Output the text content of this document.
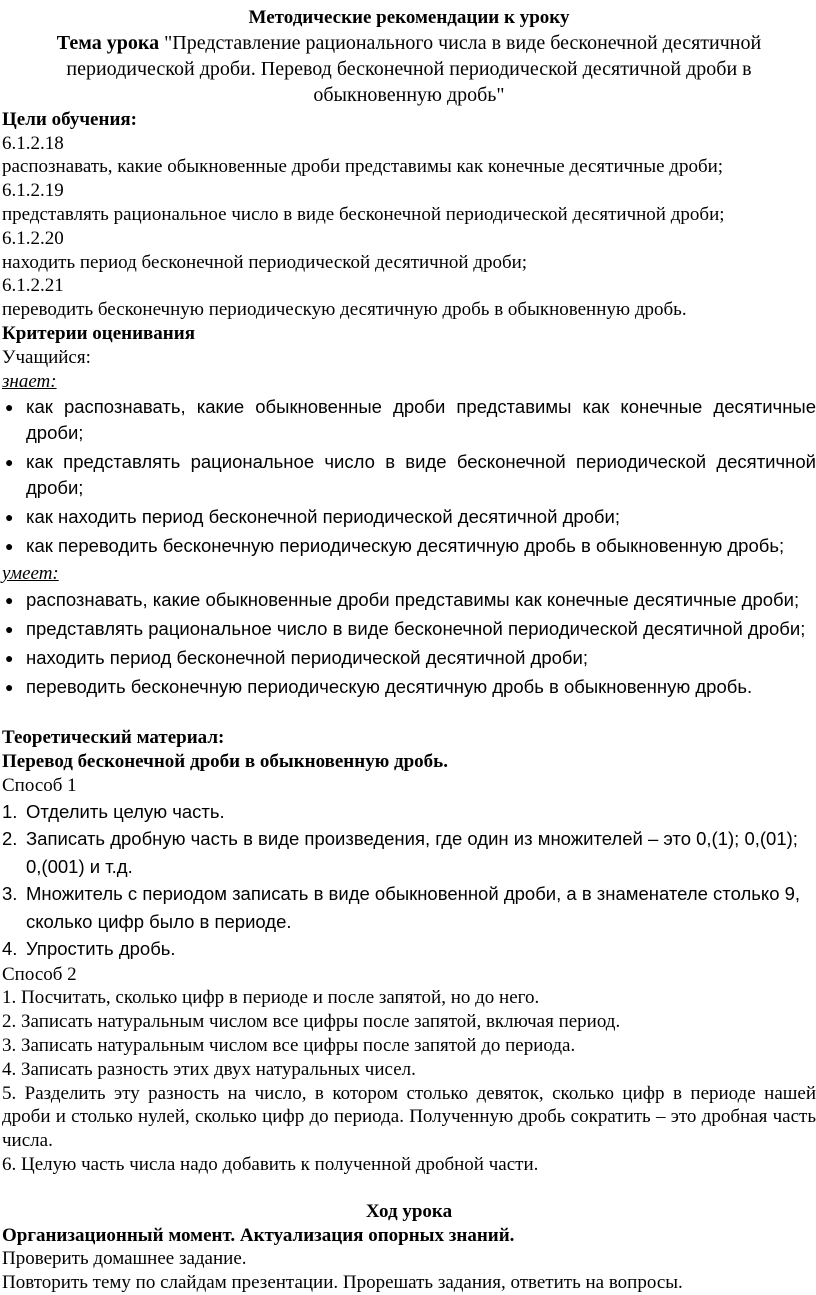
Методические рекомендации к уроку
Тема урока "Представление рационального числа в виде бесконечной десятичной периодической дроби. Перевод бесконечной периодической десятичной дроби в обыкновенную дробь"
Цели обучения:
6.1.2.18
распознавать, какие обыкновенные дроби представимы как конечные десятичные дроби;
6.1.2.19
представлять рациональное число в виде бесконечной периодической десятичной дроби;
6.1.2.20
находить период бесконечной периодической десятичной дроби;
6.1.2.21
переводить бесконечную периодическую десятичную дробь в обыкновенную дробь.
Критерии оценивания
Учащийся:
знает:
● как распознавать, какие обыкновенные дроби представимы как конечные десятичные дроби;
● как представлять рациональное число в виде бесконечной периодической десятичной дроби;
● как находить период бесконечной периодической десятичной дроби;
● как переводить бесконечную периодическую десятичную дробь в обыкновенную дробь;
умеет:
● распознавать, какие обыкновенные дроби представимы как конечные десятичные дроби;
● представлять рациональное число в виде бесконечной периодической десятичной дроби;
● находить период бесконечной периодической десятичной дроби;
● переводить бесконечную периодическую десятичную дробь в обыкновенную дробь.
Теоретический материал:
Перевод бесконечной дроби в обыкновенную дробь.
Способ 1
1. Отделить целую часть.
2. Записать дробную часть в виде произведения, где один из множителей – это 0,(1); 0,(01); 0,(001) и т.д.
3. Множитель с периодом записать в виде обыкновенной дроби, а в знаменателе столько 9, сколько цифр было в периоде.
4. Упростить дробь.
Способ 2
1. Посчитать, сколько цифр в периоде и после запятой, но до него.
2. Записать натуральным числом все цифры после запятой, включая период.
3. Записать натуральным числом все цифры после запятой до периода.
4. Записать разность этих двух натуральных чисел.
5. Разделить эту разность на число, в котором столько девяток, сколько цифр в периоде нашей дроби и столько нулей, сколько цифр до периода. Полученную дробь сократить – это дробная часть числа.
6. Целую часть числа надо добавить к полученной дробной части.
Ход урока
Организационный момент. Актуализация опорных знаний.
Проверить домашнее задание.
Повторить тему по слайдам презентации. Прорешать задания, ответить на вопросы.
